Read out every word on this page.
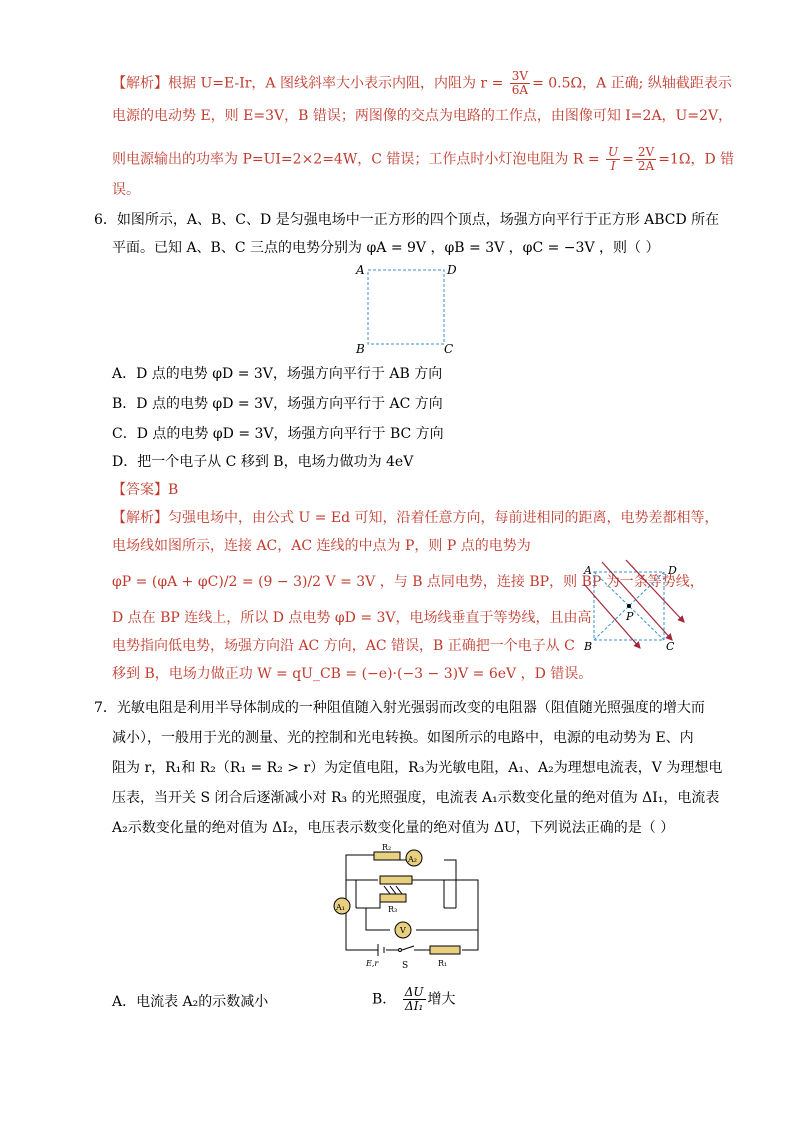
【解析】根据 U=E-Ir，A 图线斜率大小表示内阻，内阻为 $r = \frac{3V}{6A} = 0.5\Omega$，A 正确; 纵轴截距表示
电源的电动势 E，则 E=3V，B 错误；两图像的交点为电路的工作点，由图像可知 I=2A，U=2V，
则电源输出的功率为 P=UI=2×2=4W，C 错误；工作点时小灯泡电阻为 $R = \frac{U}{I} = \frac{2V}{2A} =1\Omega$，D 错
误。
6．如图所示，A、B、C、D 是匀强电场中一正方形的四个顶点，场强方向平行于正方形 ABCD 所在
平面。已知 A、B、C 三点的电势分别为 φA = 9V ，φB = 3V ，φC = −3V ，则（ ）
A	D
B	C
A．D 点的电势 φD = 3V，场强方向平行于 AB 方向
B．D 点的电势 φD = 3V，场强方向平行于 AC 方向
C．D 点的电势 φD = 3V，场强方向平行于 BC 方向
D．把一个电子从 C 移到 B，电场力做功为 4eV
【答案】B
【解析】匀强电场中，由公式 U = Ed 可知，沿着任意方向，每前进相同的距离，电势差都相等，
电场线如图所示，连接 AC，AC 连线的中点为 P，则 P 点的电势为
φP = (φA + φC)/2 = (9 − 3)/2 V = 3V ，与 B 点同电势，连接 BP，则 BP 为一条等势线，
D 点在 BP 连线上，所以 D 点电势 φD = 3V，电场线垂直于等势线，且由高
电势指向低电势，场强方向沿 AC 方向，AC 错误，B 正确把一个电子从 C
移到 B，电场力做正功 W = qU_CB = (−e)·(−3 − 3)V = 6eV ，D 错误。
A	D
B	C
P
7．光敏电阻是利用半导体制成的一种阻值随入射光强弱而改变的电阻器（阻值随光照强度的增大而
减小），一般用于光的测量、光的控制和光电转换。如图所示的电路中，电源的电动势为 E、内
阻为 r，R₁和 R₂（R₁ = R₂ > r）为定值电阻，R₃为光敏电阻，A₁、A₂为理想电流表，V 为理想电
压表，当开关 S 闭合后逐渐减小对 R₃ 的光照强度，电流表 A₁示数变化量的绝对值为 ΔI₁，电流表
A₂示数变化量的绝对值为 ΔI₂，电压表示数变化量的绝对值为 ΔU，下列说法正确的是（ ）
A₂
A₁
V
R₂
R₃
R₁
E,r	S
A．电流表 A₂的示数减小	B． $\frac{\Delta U}{\text{ΔI₁}}$ 增大
